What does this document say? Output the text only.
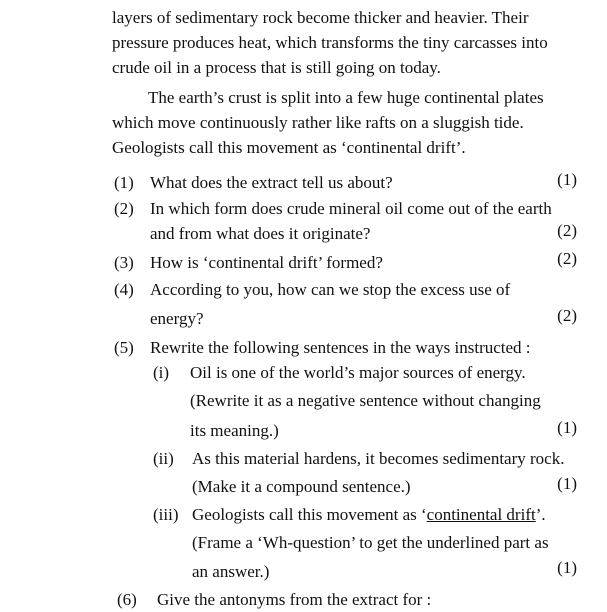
layers of sedimentary rock become thicker and heavier. Their
pressure produces heat, which transforms the tiny carcasses into
crude oil in a process that is still going on today.
The earth’s crust is split into a few huge continental plates
which move continuously rather like rafts on a sluggish tide.
Geologists call this movement as ‘continental drift’.
(1) What does the extract tell us about?	(1)
(2) In which form does crude mineral oil come out of the earth
and from what does it originate?	(2)
(3) How is ‘continental drift’ formed?	(2)
(4) According to you, how can we stop the excess use of
energy?	(2)
(5) Rewrite the following sentences in the ways instructed :
(i) Oil is one of the world’s major sources of energy.
(Rewrite it as a negative sentence without changing
its meaning.)	(1)
(ii) As this material hardens, it becomes sedimentary rock.
(Make it a compound sentence.)	(1)
(iii) Geologists call this movement as ‘continental drift’.
(Frame a ‘Wh-question’ to get the underlined part as
an answer.)	(1)
(6) Give the antonyms from the extract for :
